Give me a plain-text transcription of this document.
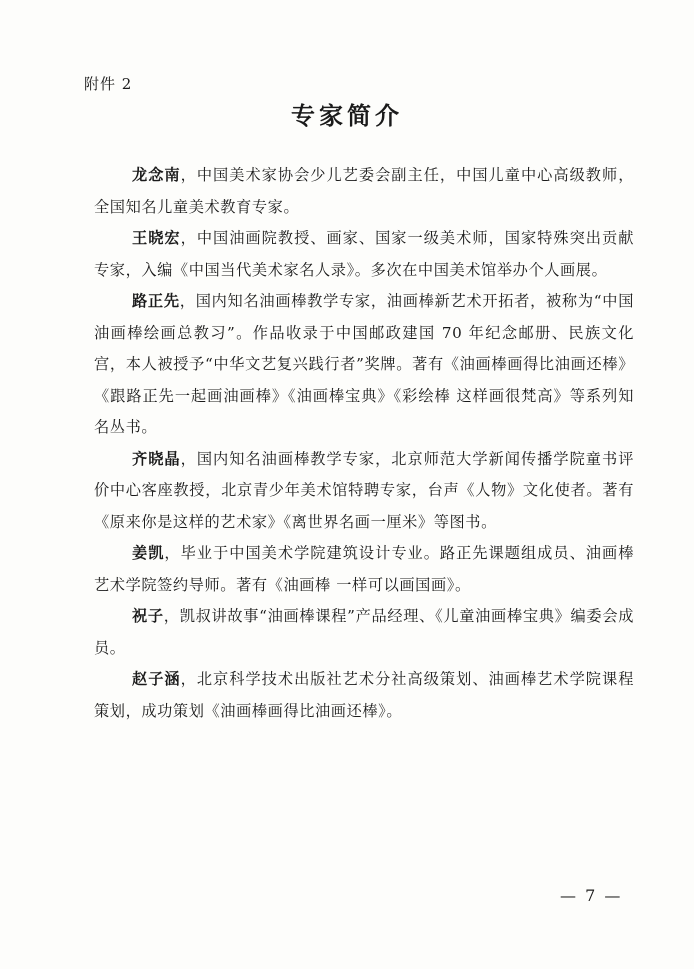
附件 2
专家简介

龙念南，中国美术家协会少儿艺委会副主任，中国儿童中心高级教师，全国知名儿童美术教育专家。

王晓宏，中国油画院教授、画家、国家一级美术师，国家特殊突出贡献专家，入编《中国当代美术家名人录》。多次在中国美术馆举办个人画展。

路正先，国内知名油画棒教学专家，油画棒新艺术开拓者，被称为“中国油画棒绘画总教习”。作品收录于中国邮政建国 70 年纪念邮册、民族文化宫，本人被授予“中华文艺复兴践行者”奖牌。著有《油画棒画得比油画还棒》《跟路正先一起画油画棒》《油画棒宝典》《彩绘棒 这样画很梵高》等系列知名丛书。

齐晓晶，国内知名油画棒教学专家，北京师范大学新闻传播学院童书评价中心客座教授，北京青少年美术馆特聘专家，台声《人物》文化使者。著有《原来你是这样的艺术家》《离世界名画一厘米》等图书。

姜凯，毕业于中国美术学院建筑设计专业。路正先课题组成员、油画棒艺术学院签约导师。著有《油画棒 一样可以画国画》。

祝子，凯叔讲故事“油画棒课程”产品经理、《儿童油画棒宝典》编委会成员。

赵子涵，北京科学技术出版社艺术分社高级策划、油画棒艺术学院课程策划，成功策划《油画棒画得比油画还棒》。

— 7 —
